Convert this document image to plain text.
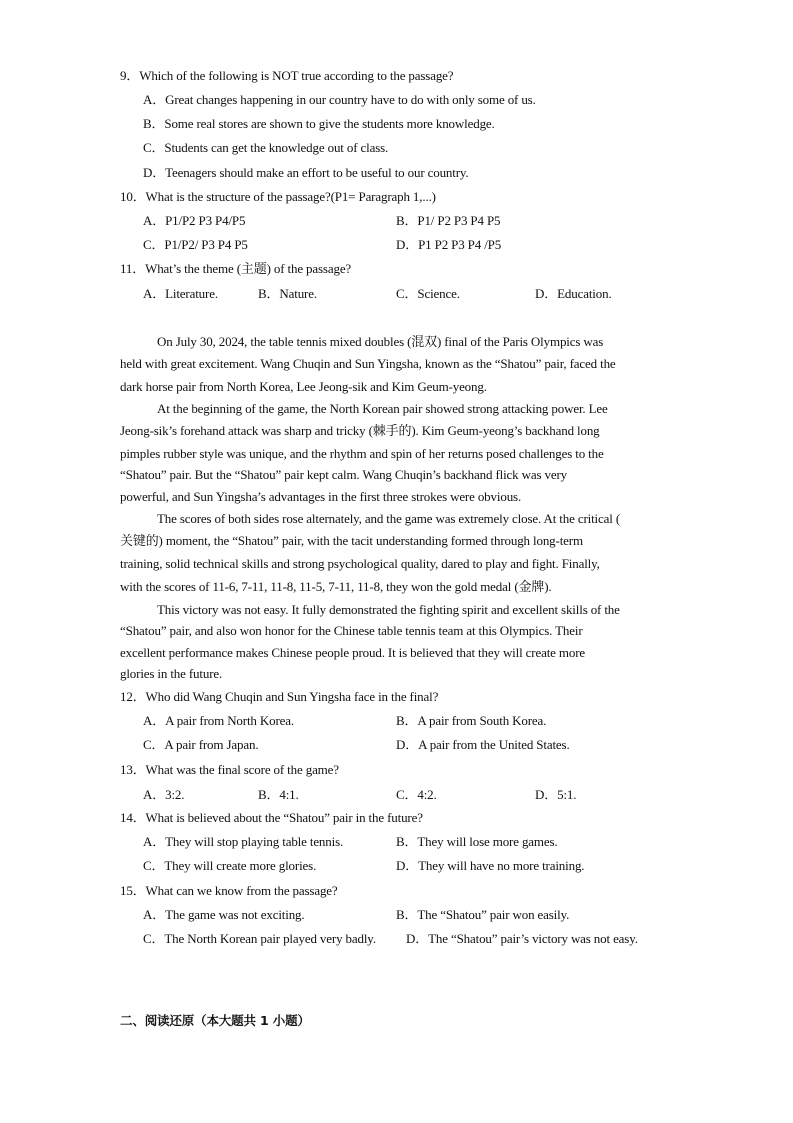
9．Which of the following is NOT true according to the passage?
A．Great changes happening in our country have to do with only some of us.
B．Some real stores are shown to give the students more knowledge.
C．Students can get the knowledge out of class.
D．Teenagers should make an effort to be useful to our country.
10．What is the structure of the passage?(P1= Paragraph 1,...)
A．P1/P2 P3 P4/P5	B．P1/ P2 P3 P4 P5
C．P1/P2/ P3 P4 P5	D．P1 P2 P3 P4 /P5
11．What’s the theme (主题) of the passage?
A．Literature.	B．Nature.	C．Science.	D．Education.
On July 30, 2024, the table tennis mixed doubles (混双) final of the Paris Olympics was
held with great excitement. Wang Chuqin and Sun Yingsha, known as the “Shatou” pair, faced the
dark horse pair from North Korea, Lee Jeong-sik and Kim Geum-yeong.
At the beginning of the game, the North Korean pair showed strong attacking power. Lee
Jeong-sik’s forehand attack was sharp and tricky (棘手的). Kim Geum-yeong’s backhand long
pimples rubber style was unique, and the rhythm and spin of her returns posed challenges to the
“Shatou” pair. But the “Shatou” pair kept calm. Wang Chuqin’s backhand flick was very
powerful, and Sun Yingsha’s advantages in the first three strokes were obvious.
The scores of both sides rose alternately, and the game was extremely close. At the critical (
关键的) moment, the “Shatou” pair, with the tacit understanding formed through long-term
training, solid technical skills and strong psychological quality, dared to play and fight. Finally,
with the scores of 11-6, 7-11, 11-8, 11-5, 7-11, 11-8, they won the gold medal (金牌).
This victory was not easy. It fully demonstrated the fighting spirit and excellent skills of the
“Shatou” pair, and also won honor for the Chinese table tennis team at this Olympics. Their
excellent performance makes Chinese people proud. It is believed that they will create more
glories in the future.
12．Who did Wang Chuqin and Sun Yingsha face in the final?
A．A pair from North Korea.	B．A pair from South Korea.
C．A pair from Japan.	D．A pair from the United States.
13．What was the final score of the game?
A．3:2.	B．4:1.	C．4:2.	D．5:1.
14．What is believed about the “Shatou” pair in the future?
A．They will stop playing table tennis.	B．They will lose more games.
C．They will create more glories.	D．They will have no more training.
15．What can we know from the passage?
A．The game was not exciting.	B．The “Shatou” pair won easily.
C．The North Korean pair played very badly. D．The “Shatou” pair’s victory was not easy.
二、阅读还原（本大题共 1 小题）
